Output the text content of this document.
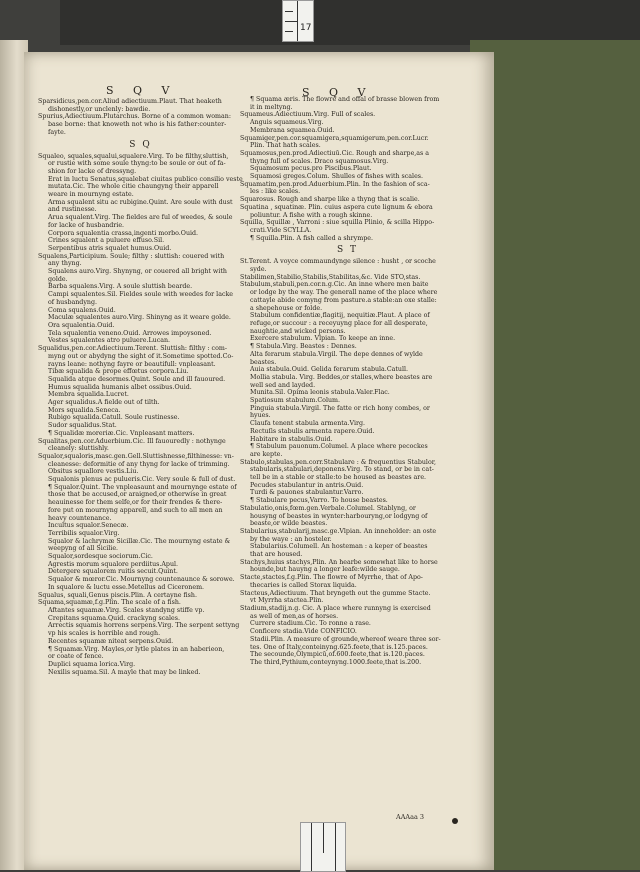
17
S Q V	S Q V

Sparsidicus,pen.cor.Aliud adiectiuum.Plaut. That heaketh

dishonestly,or unclenly: bawdie.

Spurius,Adiectiuum.Plutarchus. Borne of a common woman:

base borne: that knoweth not who is his father:counter-

fayte.

S Q

Squaleo, squales,squalui,squalere.Virg. To be filthy,sluttish,

or rustie with some soule thyng:to be soule or out of fa-

shion for lacke of dressyng.

Erat in luctu Senatus,squalebat ciuitas publico consilio veste

mutata.Cic. The whole citie chaungyng their apparell

weare in mournyng estate.

Arma squalent situ ac rubigine.Quint. Are soule with dust

and rustinesse.

Arua squalent.Virg. The fieldes are ful of weedes, & soule

for lacke of husbandrie.

Corpora squalentia crassa,ingenti morbo.Ouid.

Crines squalent a puluere effuso.Sil.

Serpentibus atris squalet humus.Ouid.

Squalens,Participium. Soule; filthy : sluttish: couered with

any thyng.

Squalens auro.Virg. Shynyng, or couered all bright with

golde.

Barba squalens.Virg. A soule sluttish bearde.

Campi squalentes.Sil. Fieldes soule with weedes for lacke

of husbandyng.

Coma squalens.Ouid.

Maculæ squalentes auro.Virg. Shinyng as it weare golde.

Ora squalentia.Ouid.

Tela squalentia veneno.Ouid. Arrowes impoysoned.

Vestes squalentes atro puluere.Lucan.

Squalidus,pen.cor.Adiectiuum.Terent. Sluttish: filthy : com-

myng out or abydyng the sight of it.Sometime spotted.Co-

rayns leane: nothyng fayre or beautifull: vnpleasant.

Tibæ squalida & prope effœtus corpora.Liu.

Squalida atque desormes.Quint. Soule and ill fauoured.

Humus squalida humanis albet ossibus.Ouid.

Membra squalida.Lucret.

Ager squalidus.A fielde out of tilth.

Mors squalida.Seneca.

Rubigo squalida.Catull. Soule rustinesse.

Sudor squalidus.Stat.

¶ Squalidæ moreriæ.Cic. Vnpleasant matters.

Squalitas,pen.cor.Aduerbium.Cic. Ill fauouredly : nothynge

cleanely: sluttishly.

Squalor,squaloris,masc.gen.Gell.Sluttishnesse,filthinesse: vn-

cleanesse: deformitie of any thyng for lacke of trimming.

Obsitus squallore vestis.Liu.

Squalonis plenus ac pulueris.Cic. Very soule & full of dust.

¶ Squalor.Quint. The vnpleasaunt and mournynge estate of

those that be accused,or araigned,or otherwise in great

heauinesse for them selfe,or for their frendes & there-

fore put on mournyng apparell, and such to all men an

heavy countenance.

Incultus squalor.Senecæ.

Terribilis squalor.Virg.

Squalor & lachrymæ Sicillæ.Cic. The mournyng estate &

weepyng of all Sicilie.

Squalor,sordesque sociorum.Cic.

Agrestis morum squalore perdiitus.Apul.

Detergere squalorem ruitis secuit.Quint.

Squalor & mœror.Cic. Mournyng countenaunce & sorowe.

In squalore & luctu esse.Metellus ad Ciceronem.

Squalus, squali,Genus piscis.Plin. A certayne fish.

Squama,squamæ,f.g.Plin. The scale of a fish.

Aftantes squamæ.Virg. Scales standyng stiffe vp.

Crepitans squama.Quid. crackyng scales.

Arrectis squamis horrens serpens.Virg. The serpent settyng

vp his scales is horrible and rough.

Recentes squamæ niteat serpens.Ouid.

¶ Squamæ.Virg. Mayles,or lytle plates in an haberieon,

or coate of fence.

Duplici squama lorica.Virg.

Nexilis squama.Sil. A mayle that may be linked.

¶ Squama æris. The flowre and offal of brasse blowen from

it in meltyng.

Squameus.Adiectiuum.Virg. Full of scales.

Anguis squameus.Virg.

Membrana squamea.Ouid.

Squamiger,pen.cor.squamigera,squamigerum,pen.cor.Lucr.

Plin. That hath scales.

Squamosus,pen.prod.Adiectiuū.Cic. Rough and sharpe,as a

thyng full of scales. Draco squamosus.Virg.

Squamosum pecus.pro Piscibus.Plaut.

Squamosi greges.Colum. Shulles of fishes with scales.

Squamatim,pen.prod.Aduerbium.Plin. In the fashion of sca-

les : like scales.

Squarosus. Rough and sharpe like a thyng that is scalie.

Squatina , squatinæ. Plin. cuius aspera cute lignum & ebora

poliuntur. A fishe with a rough skinne.

Squilla, Squillæ , Varroni : siue squilla Plinio, & scilla Hippo-

crati.Vide SCYLLA.

¶ Squilla.Plin. A fish called a shrympe.

S T

St.Terent. A voyce commaundynge silence : husht , or scoche

syde.

Stabilimen,Stabilio,Stabilis,Stabilitas,&c. Vide STO,stas.

Stabulum,stabuli,pen.cor.n.g.Cic. An inne where men baite

or lodge by the way. The generall name of the place where

cattayle abide comyng from pasture.a stable:an oxe stalle:

a shepehouse or folde.

Stabulum confidentiæ,flagitij, nequitiæ.Plaut. A place of

refuge,or succour : a receyuyng place for all desperate,

naughtie,and wicked persons.

Exercere stabulum. Vlpian. To keepe an inne.

¶ Stabula.Virg. Beastes : Dennes.

Alta ferarum stabula.Virgil. The depe dennes of wylde

beastes.

Auia stabula.Ouid. Gelida ferarum stabula.Catull.

Mollia stabula. Virg. Beddes,or stalles,where beastes are

well sed and layded.

Munita.Sil. Opima leonis stabula.Valer.Flac.

Spatiosum stabulum.Colum.

Pinguia stabula.Virgil. The fatte or rich hony combes, or

hyues.

Claufa tenent stabula armenta.Virg.

Rectuſis stabulis armenta rapere.Ouid.

Habitare in stabulis.Ouid.

¶ Stabulum pauonum.Columel. A place where pecockes

are kepte.

Stabulo,stabulas,pen.corr.Stabulare : & frequentius Stabulor,

stabularis,stabulari,deponens.Virg. To stand, or be in cat-

tell be in a stable or stalle:to be housed as beastes are.

Pecudes stabulantur in antris.Ouid.

Turdi & pauones stabulantur.Varro.

¶ Stabulare pecus,Varro. To house beastes.

Stabulatio,onis,fœm.gen.Verbale.Columel. Stablyng, or

housyng of beastes in wynter:harbouryng,or lodgyng of

beaste,or wilde beastes.

Stabularius,stabularij,masc.ge.Vlpian. An inneholder: an oste

by the waye : an hosteler.

Stabularius.Columell. An hosteman : a keper of beastes

that are housed.

Stachys,huius stachys,Plin. An hearbe somewhat like to horse

hounde,but hauyng a longer leafe:wilde sauge.

Stacte,stactes,f.g.Plin. The flowre of Myrrhe, that of Apo-

thecaries is called Storax liquida.

Stacteus,Adiectiuum. That bryngeth out the gumme Stacte.

vt Myrrha stactea.Plin.

Stadium,stadij,n.g. Cic. A place where runnyng is exercised

as well of men,as of horses.

Currere stadium.Cic. To ronne a rase.

Conficere stadia.Vide CONFICIO.

Stadii.Plin. A measure of grounde,whereof weare three sor-

tes. One of Italy,conteinyng.625.feete,that is.125.paces.

The secounde,Olympicū,of.600.feete,that is.120.paces.

The third,Pythium,conteynyng.1000.feete,that is.200.

AAAaa 3
